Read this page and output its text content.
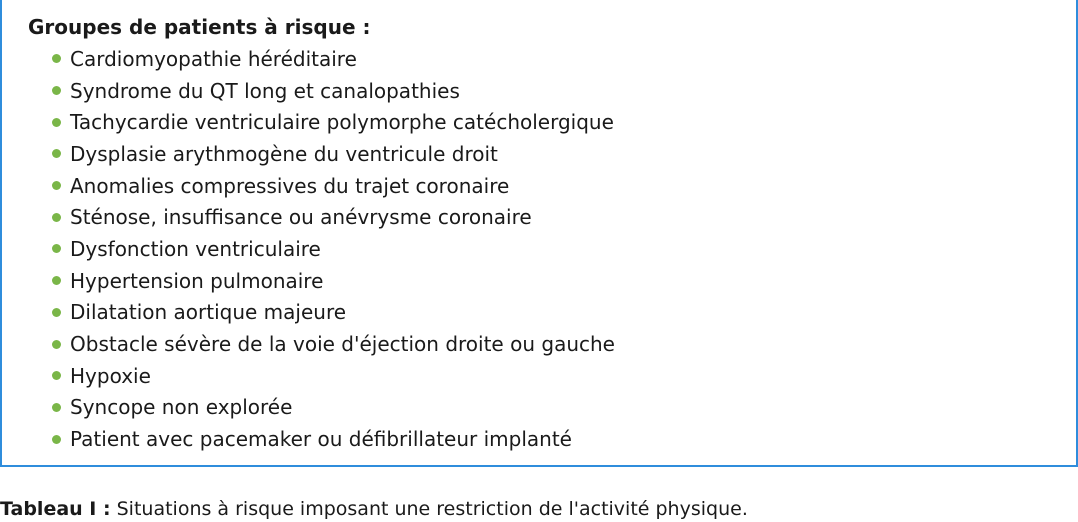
Groupes de patients à risque :
Cardiomyopathie héréditaire
Syndrome du QT long et canalopathies
Tachycardie ventriculaire polymorphe catécholergique
Dysplasie arythmogène du ventricule droit
Anomalies compressives du trajet coronaire
Sténose, insuffisance ou anévrysme coronaire
Dysfonction ventriculaire
Hypertension pulmonaire
Dilatation aortique majeure
Obstacle sévère de la voie d'éjection droite ou gauche
Hypoxie
Syncope non explorée
Patient avec pacemaker ou défibrillateur implanté

Tableau I : Situations à risque imposant une restriction de l'activité physique.
